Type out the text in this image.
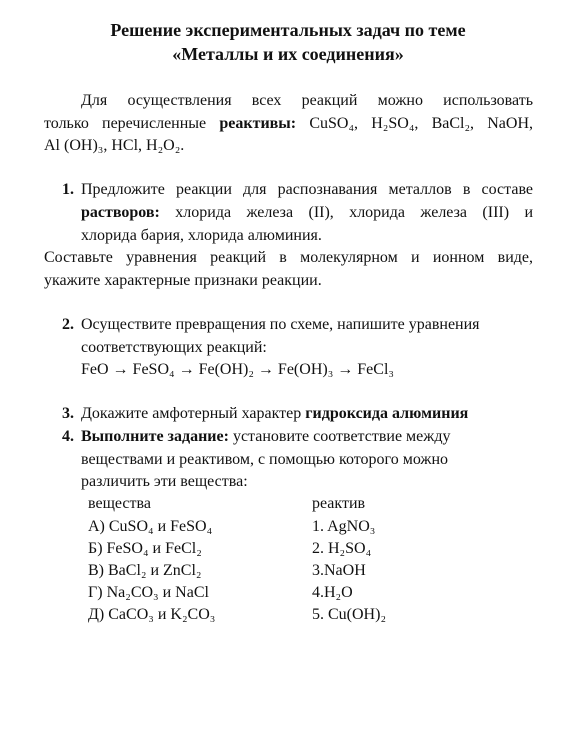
Решение экспериментальных задач по теме
«Металлы и их соединения»
Для осуществления всех реакций можно использовать
только перечисленные реактивы: CuSO₄, H₂SO₄, BaCl₂, NaOH,
Al (OH)₃, HCl, H₂O₂.
1. Предложите реакции для распознавания металлов в составе
растворов: хлорида железа (II), хлорида железа (III) и
хлорида бария, хлорида алюминия.
Составьте уравнения реакций в молекулярном и ионном виде,
укажите характерные признаки реакции.
2. Осуществите превращения по схеме, напишите уравнения
соответствующих реакций:
FeO → FeSO₄ → Fe(OH)₂ → Fe(OH)₃ → FeCl₃
3. Докажите амфотерный характер гидроксида алюминия
4. Выполните задание: установите соответствие между
веществами и реактивом, с помощью которого можно
различить эти вещества:
вещества	реактив
А) CuSO₄ и FeSO₄
Б) FeSO₄ и FeCl₂
В) BaCl₂ и ZnCl₂
Г) Na₂CO₃ и NaCl
Д) CaCO₃ и K₂CO₃
1. AgNO₃
2. H₂SO₄
3.NaOH
4.H₂O
5. Cu(OH)₂
